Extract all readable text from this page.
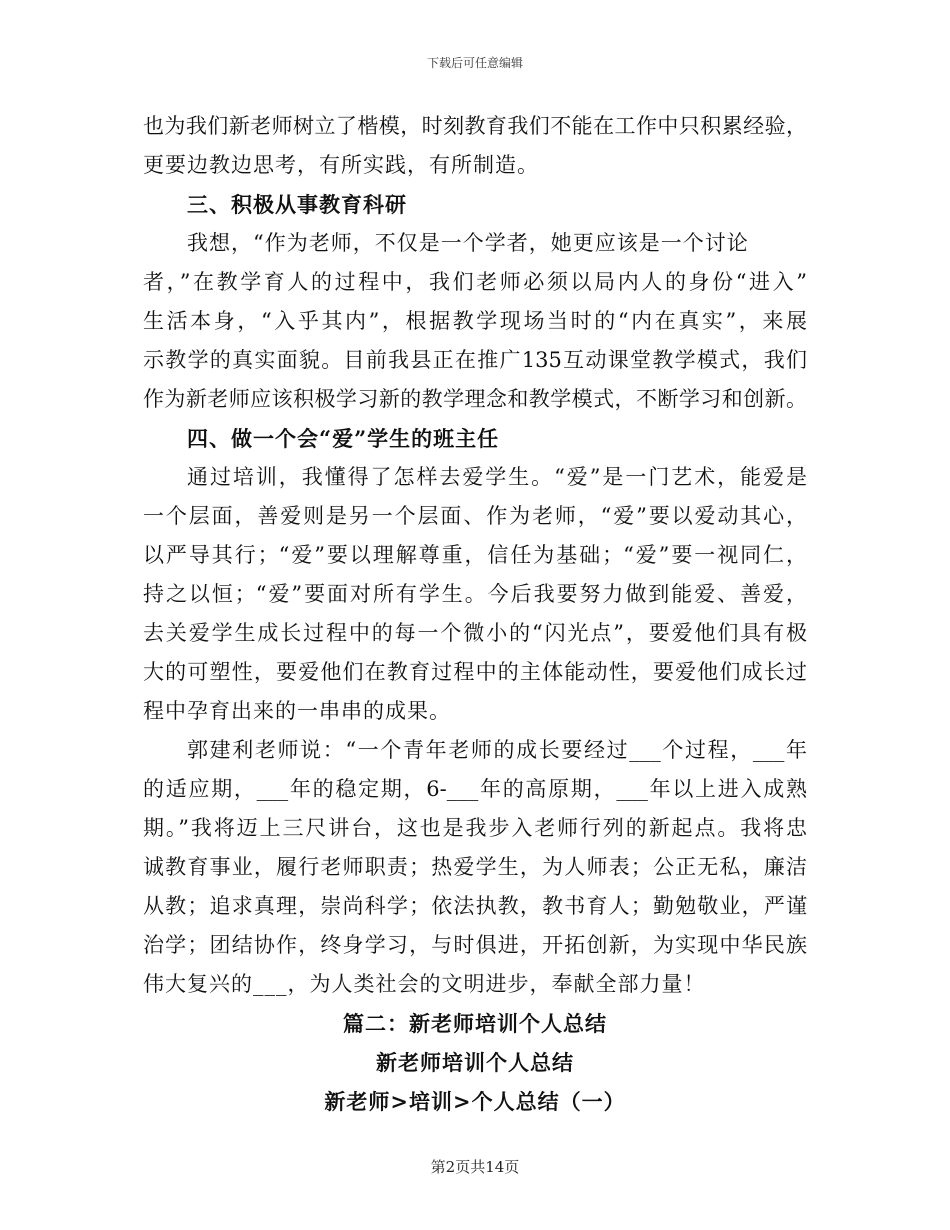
下载后可任意编辑
也为我们新老师树立了楷模，时刻教育我们不能在工作中只积累经验，
更要边教边思考，有所实践，有所制造。
三、积极从事教育科研
我想，“作为老师，不仅是一个学者，她更应该是一个讨论
者，”在教学育人的过程中，我们老师必须以局内人的身份“进入”
生活本身，“入乎其内”，根据教学现场当时的“内在真实”，来展
示教学的真实面貌。目前我县正在推广135互动课堂教学模式，我们
作为新老师应该积极学习新的教学理念和教学模式，不断学习和创新。
四、做一个会“爱”学生的班主任
通过培训，我懂得了怎样去爱学生。“爱”是一门艺术，能爱是
一个层面，善爱则是另一个层面、作为老师，“爱”要以爱动其心，
以严导其行；“爱”要以理解尊重，信任为基础；“爱”要一视同仁，
持之以恒；“爱”要面对所有学生。今后我要努力做到能爱、善爱，
去关爱学生成长过程中的每一个微小的“闪光点”，要爱他们具有极
大的可塑性，要爱他们在教育过程中的主体能动性，要爱他们成长过
程中孕育出来的一串串的成果。
郭建利老师说：“一个青年老师的成长要经过___个过程，___年
的适应期，___年的稳定期，6-___年的高原期，___年以上进入成熟
期。”我将迈上三尺讲台，这也是我步入老师行列的新起点。我将忠
诚教育事业，履行老师职责；热爱学生，为人师表；公正无私，廉洁
从教；追求真理，崇尚科学；依法执教，教书育人；勤勉敬业，严谨
治学；团结协作，终身学习，与时俱进，开拓创新，为实现中华民族
伟大复兴的___，为人类社会的文明进步，奉献全部力量！
篇二：新老师培训个人总结
新老师培训个人总结
新老师>培训>个人总结（一）
第2页共14页
